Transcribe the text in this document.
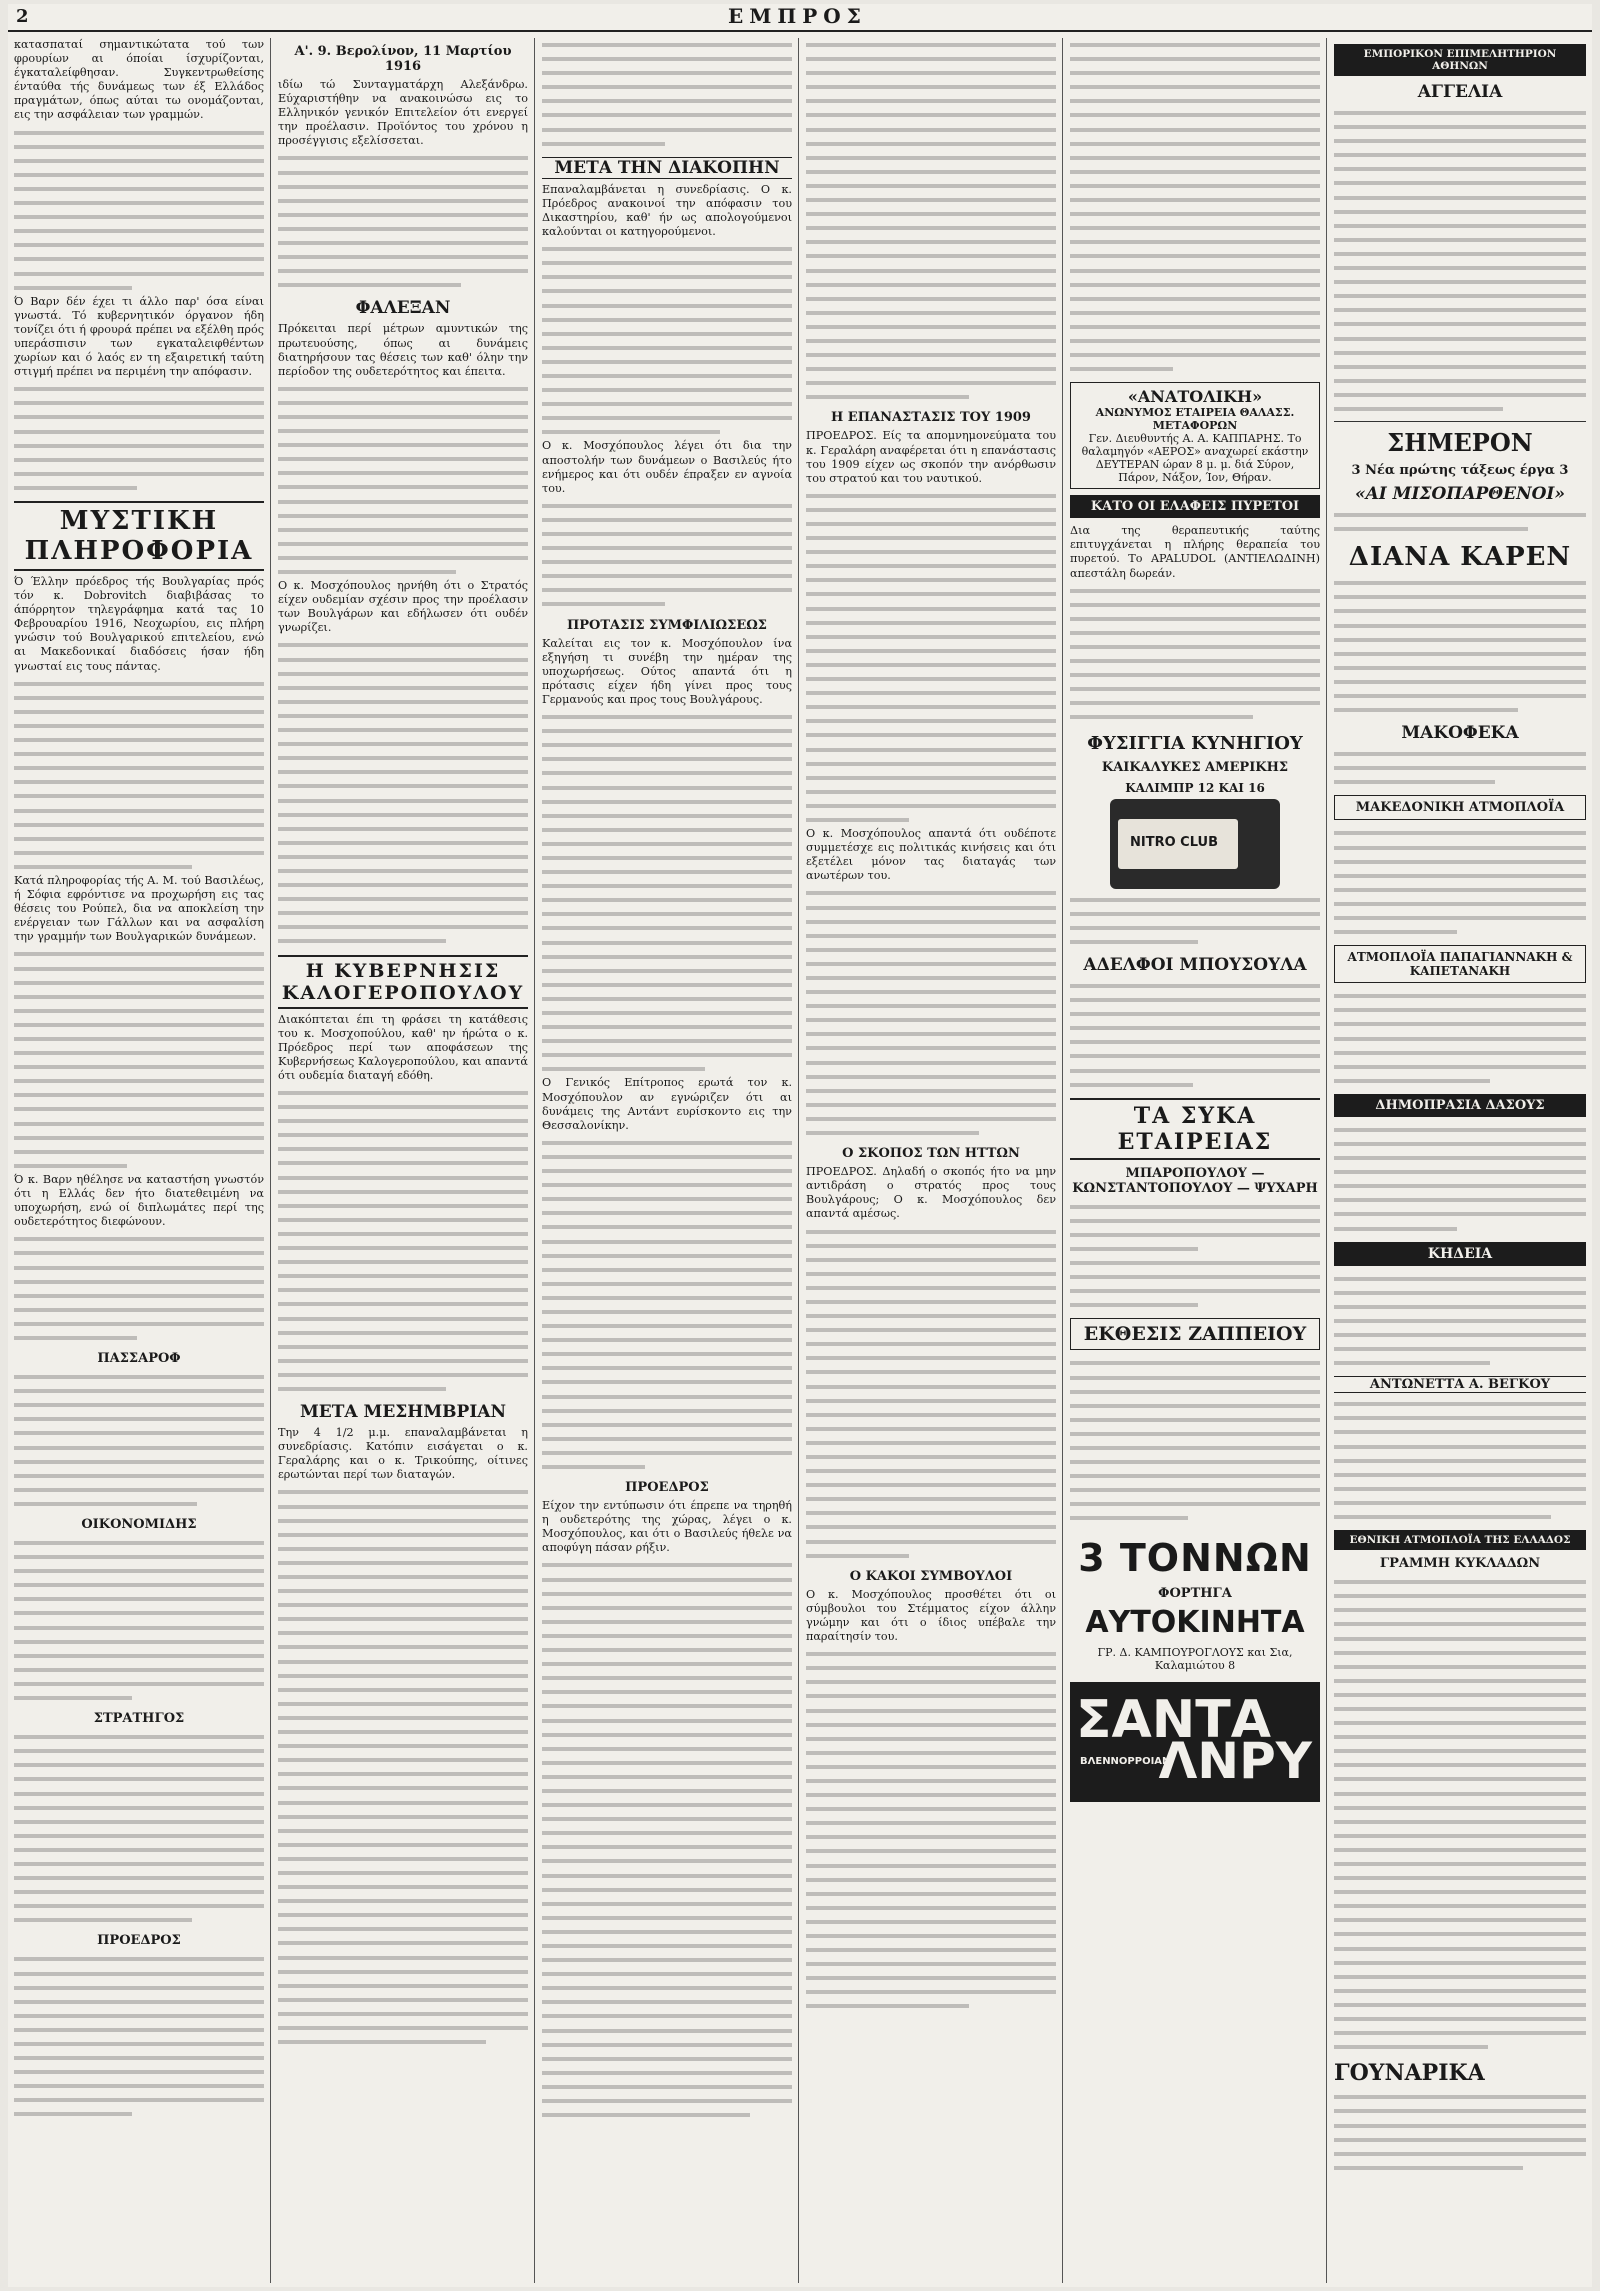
2	ΕΜΠΡΟΣ

κατασπαταί σημαντικώτατα τού των φρουρίων αι όποίαι ίσχυρίζονται, έγκαταλείφθησαν. Συγκεντρωθείσης ένταύθα τής δυνάμεως των έξ Ελλάδος πραγμάτων, όπως αύται τω ονομάζονται, εις την ασφάλειαν των γραμμών.

Ό Βαρν δέν έχει τι άλλο παρ' όσα είναι γνωστά. Τό κυβερνητικόν όργανον ήδη τονίζει ότι ή φρουρά πρέπει να εξέλθη πρός υπεράσπισιν των εγκαταλειφθέντων χωρίων και ό λαός εν τη εξαιρετική ταύτη στιγμή πρέπει να περιμένη την απόφασιν.

ΜΥΣΤΙΚΗ ΠΛΗΡΟΦΟΡΙΑ

Ό Έλλην πρόεδρος τής Βουλγαρίας πρός τόν κ. Dobrovitch διαβιβάσας το άπόρρητον τηλεγράφημα κατά τας 10 Φεβρουαρίου 1916, Νεοχωρίου, εις πλήρη γνώσιν τού Βουλγαρικού επιτελείου, ενώ αι Μακεδονικαί διαδόσεις ήσαν ήδη γνωσταί εις τους πάντας.

Κατά πληροφορίας τής Α. Μ. τού Βασιλέως, ή Σόφια εφρόντισε να προχωρήση εις τας θέσεις του Ρούπελ, δια να αποκλείση την ενέργειαν των Γάλλων και να ασφαλίση την γραμμήν των Βουλγαρικών δυνάμεων.

Ό κ. Βαρν ηθέλησε να καταστήση γνωστόν ότι η Ελλάς δεν ήτο διατεθειμένη να υποχωρήση, ενώ οί διπλωμάτες περί της ουδετερότητος διεφώνουν.

ΠΑΣΣΑΡΟΦ
ΟΙΚΟΝΟΜΙΔΗΣ
ΣΤΡΑΤΗΓΟΣ
ΠΡΟΕΔΡΟΣ
Α'. 9. Βερολίνον, 11 Μαρτίου 1916

ιδίω τώ Συνταγματάρχη Αλεξάνδρω. Εύχαριστήθην να ανακοινώσω εις το Ελληνικόν γενικόν Επιτελείον ότι ενεργεί την προέλασιν. Προϊόντος του χρόνου η προσέγγισις εξελίσσεται.

ΦΑΛΕΞΑΝ

Πρόκειται περί μέτρων αμυντικών της πρωτευούσης, όπως αι δυνάμεις διατηρήσουν τας θέσεις των καθ' όλην την περίοδον της ουδετερότητος και έπειτα.

Ο κ. Μοσχόπουλος ηρνήθη ότι ο Στρατός είχεν ουδεμίαν σχέσιν προς την προέλασιν των Βουλγάρων και εδήλωσεν ότι ουδέν γνωρίζει.

Η ΚΥΒΕΡΝΗΣΙΣ ΚΑΛΟΓΕΡΟΠΟΥΛΟΥ

Διακόπτεται έπι τη φράσει τη κατάθεσις του κ. Μοσχοπούλου, καθ' ην ήρώτα ο κ. Πρόεδρος περί των αποφάσεων της Κυβερνήσεως Καλογεροπούλου, και απαντά ότι ουδεμία διαταγή εδόθη.

ΜΕΤΑ ΜΕΣΗΜΒΡΙΑΝ

Την 4 1/2 μ.μ. επαναλαμβάνεται η συνεδρίασις. Κατόπιν εισάγεται ο κ. Γεραλάρης και ο κ. Τρικούπης, οίτινες ερωτώνται περί των διαταγών.

ΜΕΤΑ ΤΗΝ ΔΙΑΚΟΠΗΝ

Επαναλαμβάνεται η συνεδρίασις. Ο κ. Πρόεδρος ανακοινοί την απόφασιν του Δικαστηρίου, καθ' ήν ως απολογούμενοι καλούνται οι κατηγορούμενοι.

Ο κ. Μοσχόπουλος λέγει ότι δια την αποστολήν των δυνάμεων ο Βασιλεύς ήτο ενήμερος και ότι ουδέν έπραξεν εν αγνοία του.

ΠΡΟΤΑΣΙΣ ΣΥΜΦΙΛΙΩΣΕΩΣ

Καλείται εις τον κ. Μοσχόπουλον ίνα εξηγήση τι συνέβη την ημέραν της υποχωρήσεως. Ούτος απαντά ότι η πρότασις είχεν ήδη γίνει προς τους Γερμανούς και προς τους Βουλγάρους.

Ο Γενικός Επίτροπος ερωτά τον κ. Μοσχόπουλον αν εγνώριζεν ότι αι δυνάμεις της Αντάντ ευρίσκοντο εις την Θεσσαλονίκην.

ΠΡΟΕΔΡΟΣ

Είχον την εντύπωσιν ότι έπρεπε να τηρηθή η ουδετερότης της χώρας, λέγει ο κ. Μοσχόπουλος, και ότι ο Βασιλεύς ήθελε να αποφύγη πάσαν ρήξιν.

Η ΕΠΑΝΑΣΤΑΣΙΣ ΤΟΥ 1909

ΠΡΟΕΔΡΟΣ. Είς τα απομνημονεύματα του κ. Γεραλάρη αναφέρεται ότι η επανάστασις του 1909 είχεν ως σκοπόν την ανόρθωσιν του στρατού και του ναυτικού.

Ο κ. Μοσχόπουλος απαντά ότι ουδέποτε συμμετέσχε εις πολιτικάς κινήσεις και ότι εξετέλει μόνον τας διαταγάς των ανωτέρων του.

Ο ΣΚΟΠΟΣ ΤΩΝ ΗΤΤΩΝ

ΠΡΟΕΔΡΟΣ. Δηλαδή ο σκοπός ήτο να μην αντιδράση ο στρατός προς τους Βουλγάρους; Ο κ. Μοσχόπουλος δεν απαντά αμέσως.

Ο ΚΑΚΟΙ ΣΥΜΒΟΥΛΟΙ

Ο κ. Μοσχόπουλος προσθέτει ότι οι σύμβουλοι του Στέμματος είχον άλλην γνώμην και ότι ο ίδιος υπέβαλε την παραίτησίν του.

«ΑΝΑΤΟΛΙΚΗ»
ΑΝΩΝΥΜΟΣ ΕΤΑΙΡΕΙΑ ΘΑΛΑΣΣ. ΜΕΤΑΦΟΡΩΝ
Γεν. Διευθυντής Α. Α. ΚΑΠΠΑΡΗΣ. Το θαλαμηγόν «ΑΕΡΟΣ» αναχωρεί εκάστην ΔΕΥΤΕΡΑΝ ώραν 8 μ. μ. διά Σύρον, Πάρον, Νάξον, Ίον, Θήραν.
ΚΑΤΟ ΟΙ ΕΛΑΦΕΙΣ ΠΥΡΕΤΟΙ

Δια της θεραπευτικής ταύτης επιτυγχάνεται η πλήρης θεραπεία του πυρετού. Το APALUDOL (ΑΝΤΙΕΛΩΔΙΝΗ) απεστάλη δωρεάν.

ΦΥΣΙΓΓΙΑ ΚΥΝΗΓΙΟΥ
ΚΑΙΚΑΛΥΚΕΣ ΑΜΕΡΙΚΗΣ
ΚΑΛΙΜΠΡ 12 ΚΑΙ 16
NITRO CLUB
ΑΔΕΛΦΟΙ ΜΠΟΥΣΟΥΛΑ
ΤΑ ΣΥΚΑ ΕΤΑΙΡΕΙΑΣ
ΜΠΑΡΟΠΟΥΛΟΥ — ΚΩΝΣΤΑΝΤΟΠΟΥΛΟΥ — ΨΥΧΑΡΗ
ΕΚΘΕΣΙΣ ΖΑΠΠΕΙΟΥ
3 ΤΟΝΝΩΝ
ΦΟΡΤΗΓΑ
ΑΥΤΟΚΙΝΗΤΑ
ΓΡ. Δ. ΚΑΜΠΟΥΡΟΓΛΟΥΣ και Σια, Καλαμιώτου 8
ΣΑΝΤΑ
ΛΝΡΥ
ΒΛΕΝΝΟΡΡΟΙΑΝ
ΕΜΠΟΡΙΚΟΝ ΕΠΙΜΕΛΗΤΗΡΙΟΝ ΑΘΗΝΩΝ
ΑΓΓΕΛΙΑ
ΣΗΜΕΡΟΝ
3 Νέα πρώτης τάξεως έργα 3
«ΑΙ ΜΙΣΟΠΑΡΘΕΝΟΙ»
ΔΙΑΝΑ ΚΑΡΕΝ
ΜΑΚΟΦΕΚΑ
ΜΑΚΕΔΟΝΙΚΗ ΑΤΜΟΠΛΟΪΑ
ΑΤΜΟΠΛΟΪΑ ΠΑΠΑΓΙΑΝΝΑΚΗ & ΚΑΠΕΤΑΝΑΚΗ
ΔΗΜΟΠΡΑΣΙΑ ΔΑΣΟΥΣ
ΚΗΔΕΙΑ
ΑΝΤΩΝΕΤΤΑ Α. ΒΕΓΚΟΥ
ΕΘΝΙΚΗ ΑΤΜΟΠΛΟΪΑ ΤΗΣ ΕΛΛΑΔΟΣ
ΓΡΑΜΜΗ ΚΥΚΛΑΔΩΝ
ΓΟΥΝΑΡΙΚΑ
